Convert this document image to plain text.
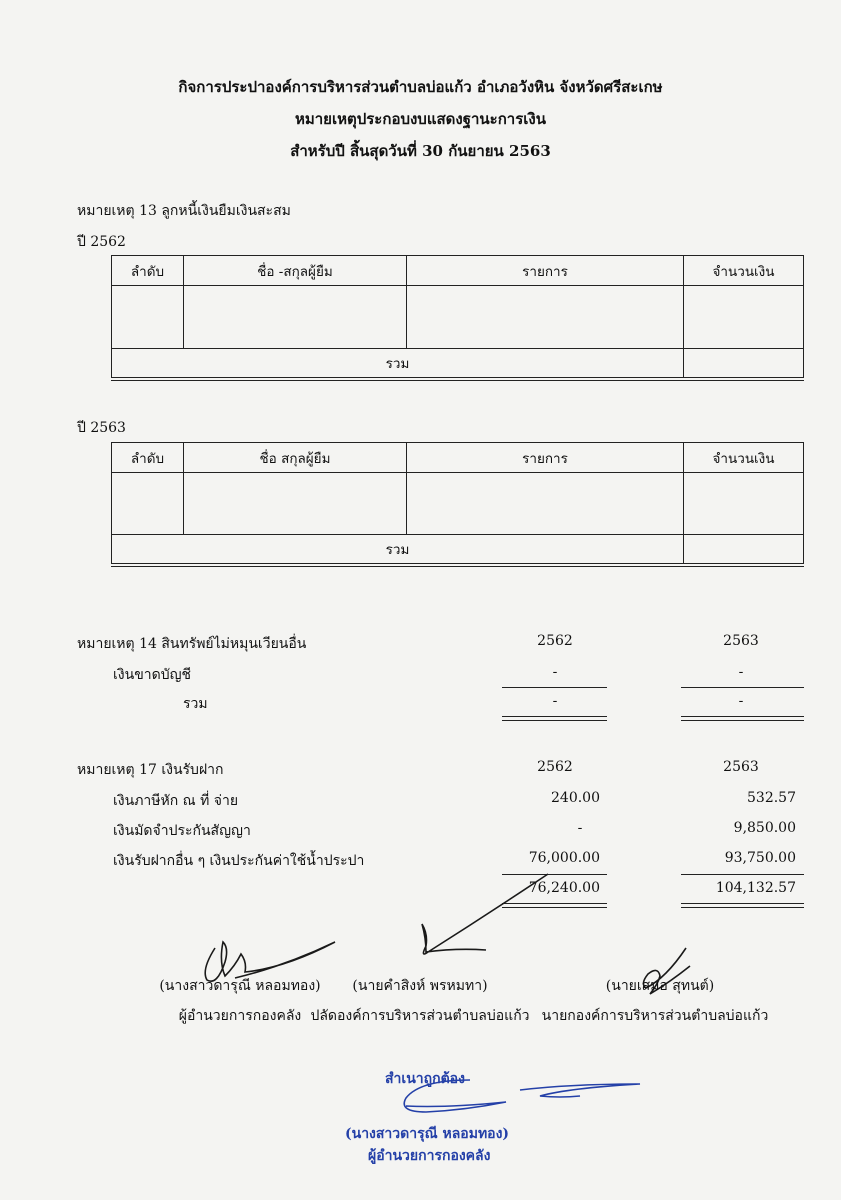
กิจการประปาองค์การบริหารส่วนตำบลบ่อแก้ว อำเภอวังหิน จังหวัดศรีสะเกษ
หมายเหตุประกอบงบแสดงฐานะการเงิน
สำหรับปี สิ้นสุดวันที่ 30 กันยายน 2563
หมายเหตุ 13 ลูกหนี้เงินยืมเงินสะสม
ปี 2562
ลำดับ	ชื่อ -สกุลผู้ยืม	รายการ	จำนวนเงิน

รวม			
ปี 2563
ลำดับ	ชื่อ สกุลผู้ยืม	รายการ	จำนวนเงิน

รวม			
หมายเหตุ 14 สินทรัพย์ไม่หมุนเวียนอื่น	2562	2563
เงินขาดบัญชี	-	-
รวม	-	-
หมายเหตุ 17 เงินรับฝาก	2562	2563
เงินภาษีหัก ณ ที่ จ่าย	240.00	532.57
เงินมัดจำประกันสัญญา	-	9,850.00
เงินรับฝากอื่น ๆ เงินประกันค่าใช้น้ำประปา	76,000.00	93,750.00
76,240.00	104,132.57
(นางสาวดารุณี หลอมทอง)
ผู้อำนวยการกองคลัง
(นายคำสิงห์ พรหมทา)
ปลัดองค์การบริหารส่วนตำบลบ่อแก้ว
(นายเสมอ สุทนต์)
นายกองค์การบริหารส่วนตำบลบ่อแก้ว
สำเนาถูกต้อง
(นางสาวดารุณี หลอมทอง)
ผู้อำนวยการกองคลัง
